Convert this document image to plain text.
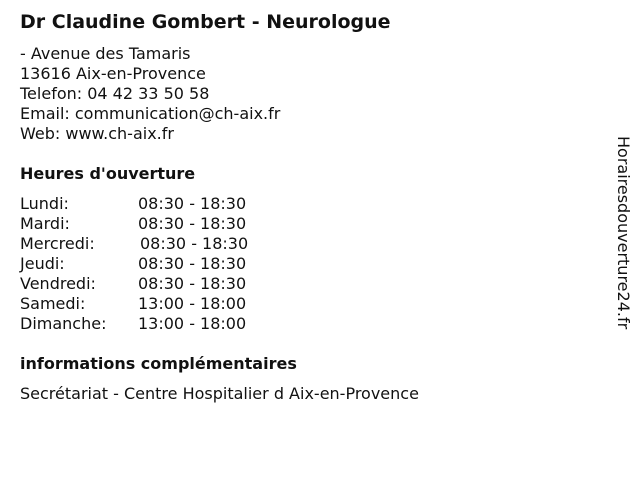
Dr Claudine Gombert - Neurologue
- Avenue des Tamaris
13616 Aix-en-Provence
Telefon: 04 42 33 50 58
Email: communication@ch-aix.fr
Web: www.ch-aix.fr
Heures d'ouverture
Lundi:	08:30 - 18:30
Mardi:	08:30 - 18:30
Mercredi:	08:30 - 18:30
Jeudi:	08:30 - 18:30
Vendredi:	08:30 - 18:30
Samedi:	13:00 - 18:00
Dimanche: 13:00 - 18:00
informations complémentaires
Secrétariat - Centre Hospitalier d Aix-en-Provence
Horairesdouverture24.fr
